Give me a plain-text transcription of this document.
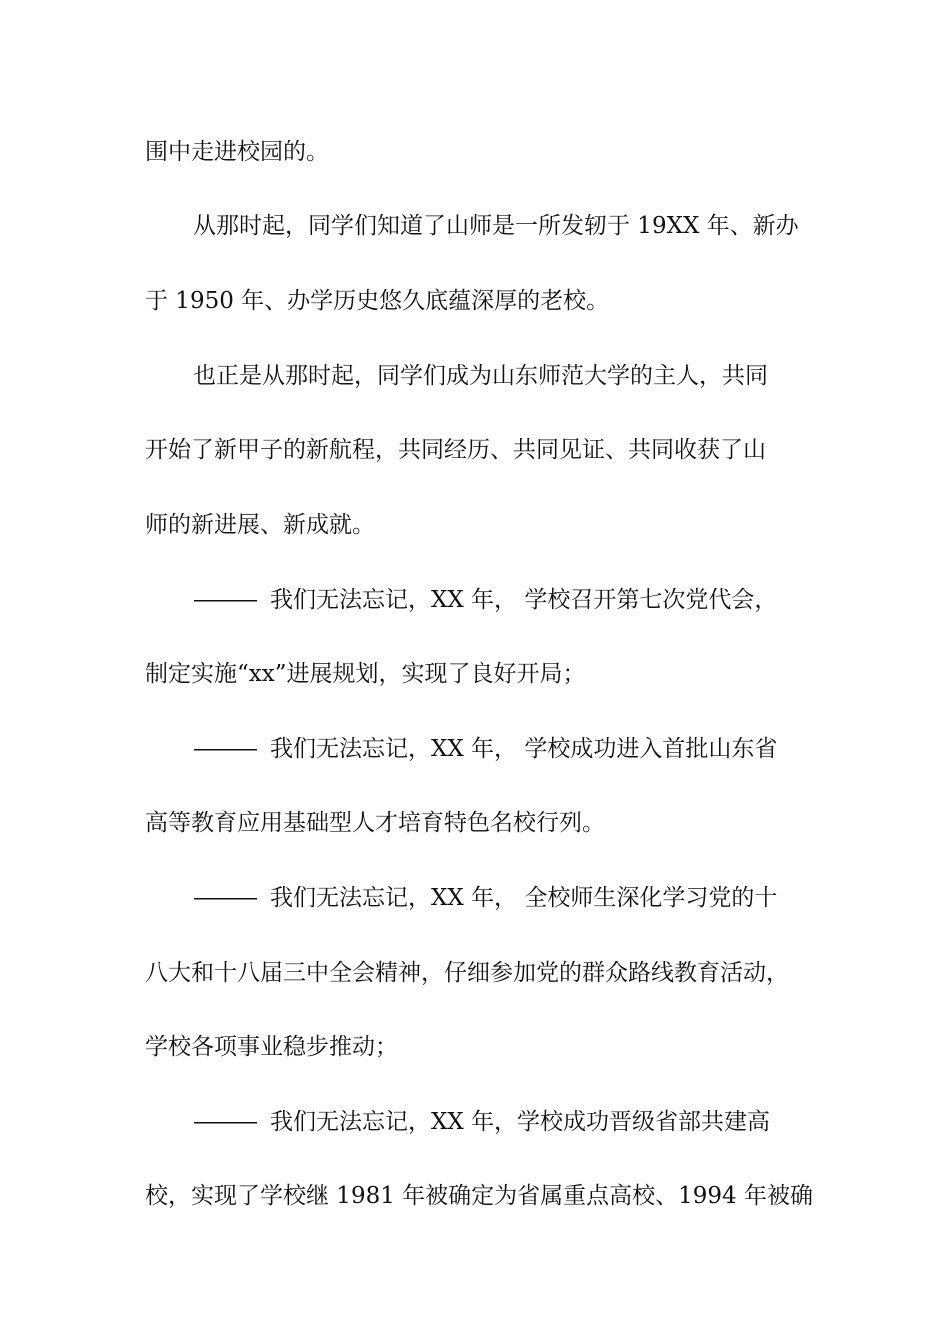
围中走进校园的。
从那时起，同学们知道了山师是一所发轫于 19XX 年、新办
于 1950 年、办学历史悠久底蕴深厚的老校。
也正是从那时起，同学们成为山东师范大学的主人，共同
开始了新甲子的新航程，共同经历、共同见证、共同收获了山
师的新进展、新成就。
——— 我们无法忘记，XX 年， 学校召开第七次党代会，
制定实施“xx”进展规划，实现了良好开局；
——— 我们无法忘记，XX 年， 学校成功进入首批山东省
高等教育应用基础型人才培育特色名校行列。
——— 我们无法忘记，XX 年， 全校师生深化学习党的十
八大和十八届三中全会精神，仔细参加党的群众路线教育活动，
学校各项事业稳步推动；
——— 我们无法忘记，XX 年，学校成功晋级省部共建高
校，实现了学校继 1981 年被确定为省属重点高校、1994 年被确
